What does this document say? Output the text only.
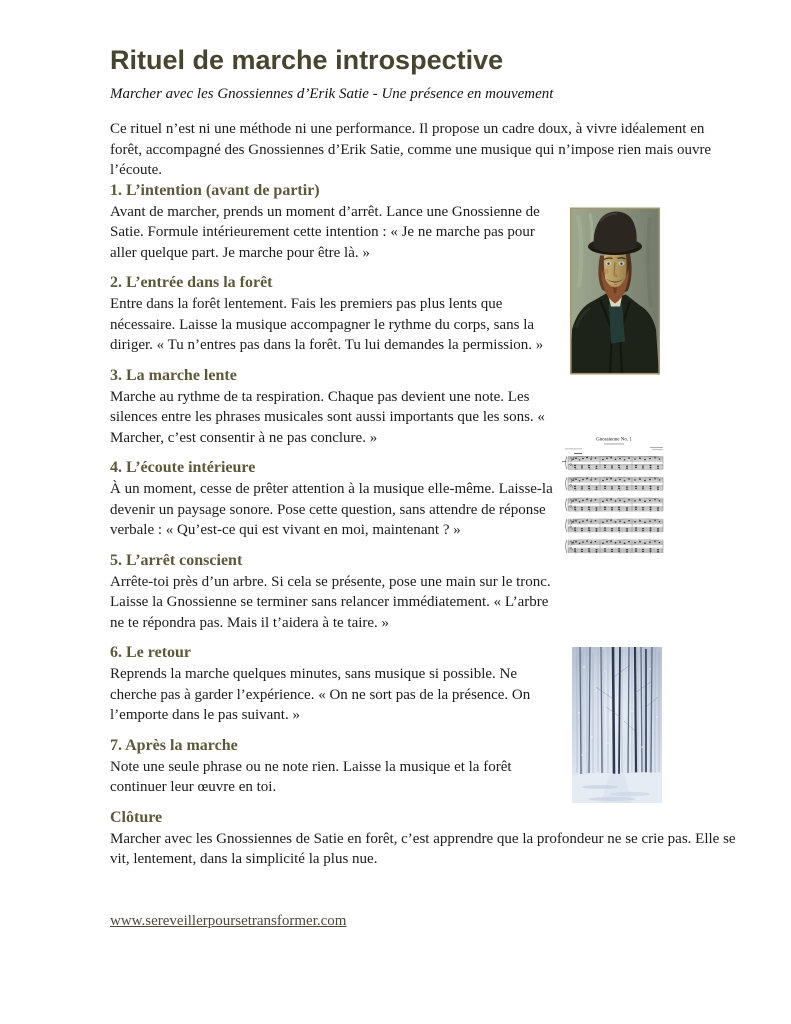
Rituel de marche introspective

Marcher avec les Gnossiennes d’Erik Satie - Une présence en mouvement

Ce rituel n’est ni une méthode ni une performance. Il propose un cadre doux, à vivre idéalement en forêt, accompagné des Gnossiennes d’Erik Satie, comme une musique qui n’impose rien mais ouvre l’écoute.

1. L’intention (avant de partir)

Avant de marcher, prends un moment d’arrêt. Lance une Gnossienne de Satie. Formule intérieurement cette intention : « Je ne marche pas pour aller quelque part. Je marche pour être là. »

2. L’entrée dans la forêt

Entre dans la forêt lentement. Fais les premiers pas plus lents que nécessaire. Laisse la musique accompagner le rythme du corps, sans la diriger. « Tu n’entres pas dans la forêt. Tu lui demandes la permission. »

3. La marche lente

Marche au rythme de ta respiration. Chaque pas devient une note. Les silences entre les phrases musicales sont aussi importants que les sons. « Marcher, c’est consentir à ne pas conclure. »

4. L’écoute intérieure

À un moment, cesse de prêter attention à la musique elle-même. Laisse-la devenir un paysage sonore. Pose cette question, sans attendre de réponse verbale : « Qu’est-ce qui est vivant en moi, maintenant ? »

5. L’arrêt conscient

Arrête-toi près d’un arbre. Si cela se présente, pose une main sur le tronc. Laisse la Gnossienne se terminer sans relancer immédiatement. « L’arbre ne te répondra pas. Mais il t’aidera à te taire. »

6. Le retour

Reprends la marche quelques minutes, sans musique si possible. Ne cherche pas à garder l’expérience. « On ne sort pas de la présence. On l’emporte dans le pas suivant. »

7. Après la marche

Note une seule phrase ou ne note rien. Laisse la musique et la forêt continuer leur œuvre en toi.

Clôture

Marcher avec les Gnossiennes de Satie en forêt, c’est apprendre que la profondeur ne se crie pas. Elle se vit, lentement, dans la simplicité la plus nue.

www.sereveillerpoursetransformer.com
Gnossienne No. 1
